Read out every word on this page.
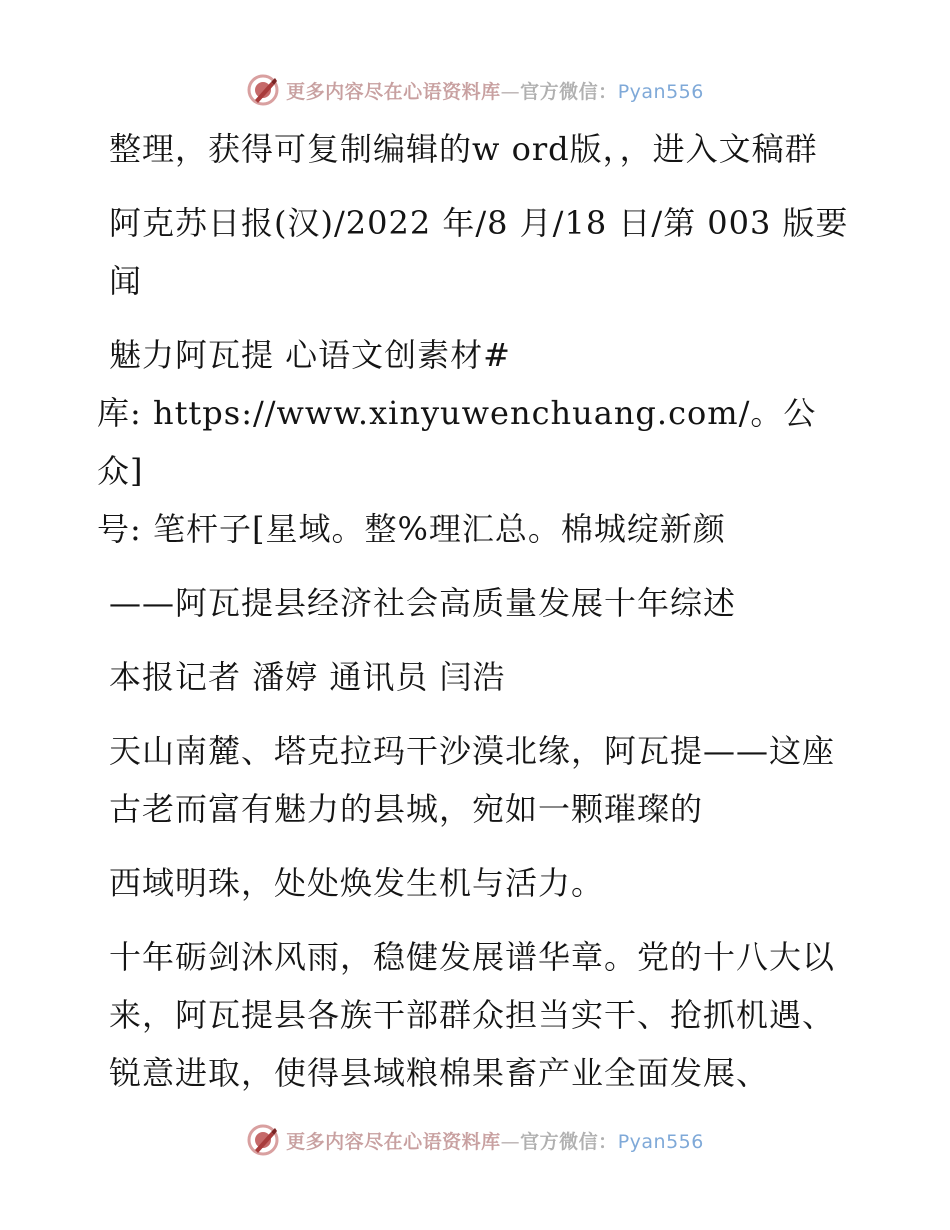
更多内容尽在心语资料库—官方微信：Pyan556

整理，获得可复制编辑的w ord版，，进入文稿群

阿克苏日报(汉)/2022 年/8 月/18 日/第 003 版要闻

魅力阿瓦提 心语文创素材#

库: https://www.xinyuwenchuang.com/。公众]

号: 笔杆子[星域。整%理汇总。棉城绽新颜

——阿瓦提县经济社会高质量发展十年综述

本报记者 潘婷 通讯员 闫浩

天山南麓、塔克拉玛干沙漠北缘，阿瓦提——这座古老而富有魅力的县城，宛如一颗璀璨的

西域明珠，处处焕发生机与活力。

十年砺剑沐风雨，稳健发展谱华章。党的十八大以来，阿瓦提县各族干部群众担当实干、抢抓机遇、锐意进取，使得县域粮棉果畜产业全面发展、

更多内容尽在心语资料库—官方微信：Pyan556
